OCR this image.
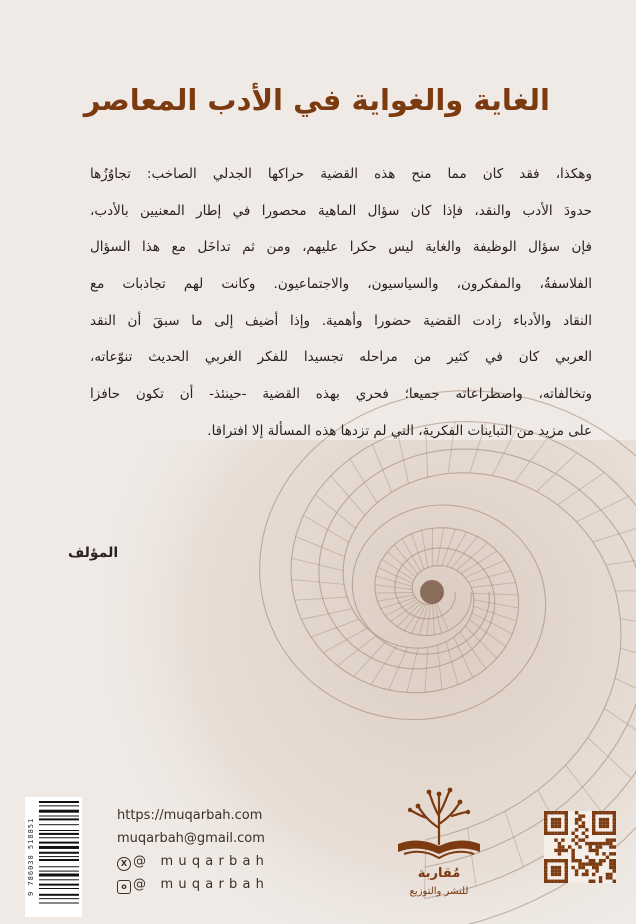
الغاية والغواية في الأدب المعاصر
وهكذا، فقد كان مما منح هذه القضية حراكها الجدلي الصاخب: تجاوُزُها
حدودَ الأدب والنقد، فإذا كان سؤال الماهية محصورا في إطار المعنيين بالأدب،
فإن سؤال الوظيفة والغاية ليس حكرا عليهم، ومن ثم تداخَل مع هذا السؤال
الفلاسفةُ، والمفكرون، والسياسيون، والاجتماعيون. وكانت لهم تجاذبات مع
النقاد والأدباء زادت القضية حضورا وأهمية. وإذا أضيف إلى ما سبقَ أن النقد
العربي كان في كثير من مراحله تجسيدا للفكر الغربي الحديث تنوّعاته،
وتخالفاته، واصطراعاته جميعا؛ فحري بهذه القضية -حينئذ- أن تكون حافزا
على مزيد من التباينات الفكرية، التي لم تزدها هذه المسألة إلا افتراقا.
المؤلف
9 786030 518851
https://muqarbah.com
muqarbah@gmail.com
X @ muqarbah
o @ muqarbah
مُقاربة
للنشر والتوزيع
